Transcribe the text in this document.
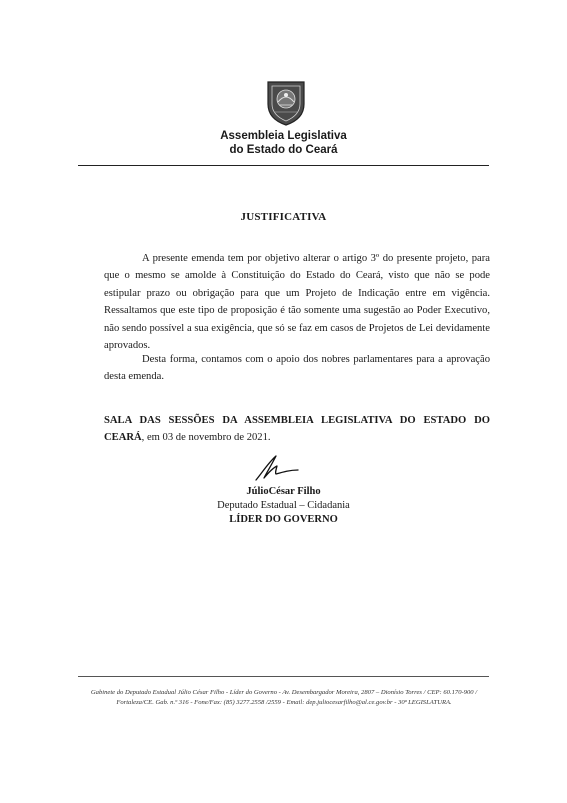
Assembleia Legislativa
do Estado do Ceará
JUSTIFICATIVA

A presente emenda tem por objetivo alterar o artigo 3º do presente projeto, para que o mesmo se amolde à Constituição do Estado do Ceará, visto que não se pode estipular prazo ou obrigação para que um Projeto de Indicação entre em vigência. Ressaltamos que este tipo de proposição é tão somente uma sugestão ao Poder Executivo, não sendo possível a sua exigência, que só se faz em casos de Projetos de Lei devidamente aprovados.

Desta forma, contamos com o apoio dos nobres parlamentares para a aprovação desta emenda.

SALA DAS SESSÕES DA ASSEMBLEIA LEGISLATIVA DO ESTADO DO CEARÁ, em 03 de novembro de 2021.

JúlioCésar Filho
Deputado Estadual – Cidadania
LÍDER DO GOVERNO
Gabinete do Deputado Estadual Júlio César Filho - Líder do Governo - Av. Desembargador Moreira, 2807 – Dionísio Torres / CEP: 60.170-900 /
Fortaleza/CE. Gab. n.º 316 - Fone/Fax: (85) 3277.2558 /2559 - Email: dep.juliocesarfilho@al.ce.gov.br - 30ª LEGISLATURA.
